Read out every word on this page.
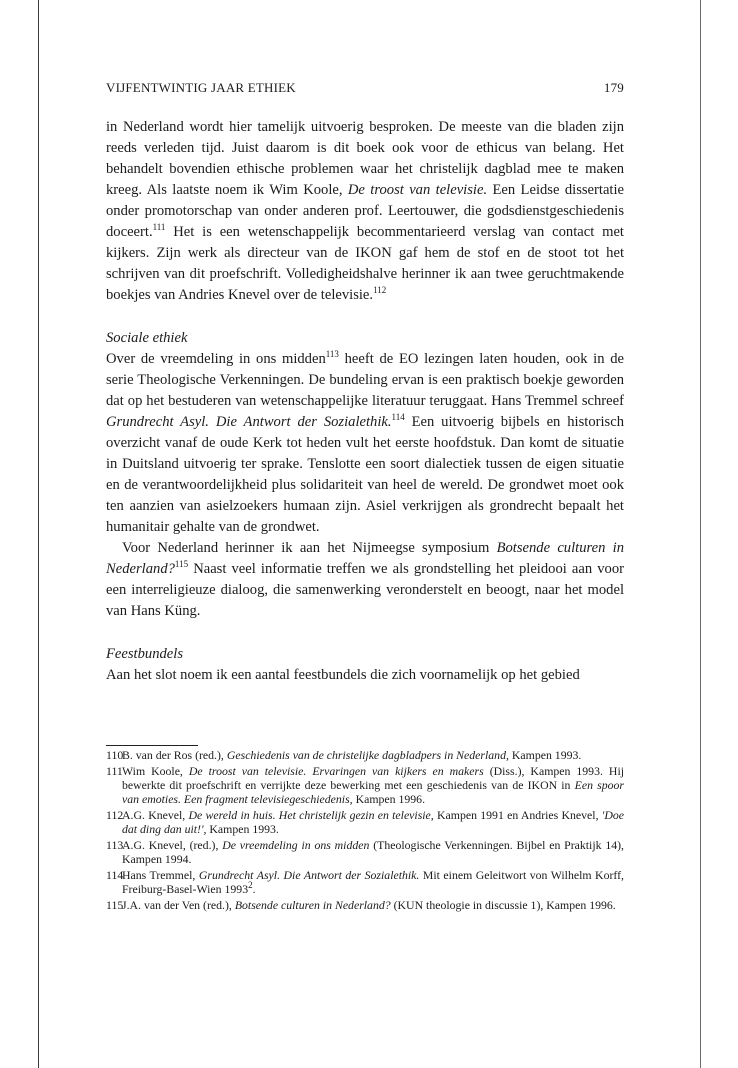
VIJFENTWINTIG JAAR ETHIEK	179

in Nederland wordt hier tamelijk uitvoerig besproken. De meeste van die bladen zijn reeds verleden tijd. Juist daarom is dit boek ook voor de ethicus van belang. Het behandelt bovendien ethische problemen waar het christelijk dagblad mee te maken kreeg. Als laatste noem ik Wim Koole, De troost van televisie. Een Leidse dissertatie onder promotorschap van onder anderen prof. Leertouwer, die godsdienstgeschiedenis doceert.$^{111}$ Het is een wetenschappelijk becommentarieerd verslag van contact met kijkers. Zijn werk als directeur van de IKON gaf hem de stof en de stoot tot het schrijven van dit proefschrift. Volledigheidshalve herinner ik aan twee geruchtmakende boekjes van Andries Knevel over de televisie.$^{112}$

Sociale ethiek

Over de vreemdeling in ons midden$^{113}$ heeft de EO lezingen laten houden, ook in de serie Theologische Verkenningen. De bundeling ervan is een praktisch boekje geworden dat op het bestuderen van wetenschappelijke literatuur teruggaat. Hans Tremmel schreef Grundrecht Asyl. Die Antwort der Sozialethik.$^{114}$ Een uitvoerig bijbels en historisch overzicht vanaf de oude Kerk tot heden vult het eerste hoofdstuk. Dan komt de situatie in Duitsland uitvoerig ter sprake. Tenslotte een soort dialectiek tussen de eigen situatie en de verantwoordelijkheid plus solidariteit van heel de wereld. De grondwet moet ook ten aanzien van asielzoekers humaan zijn. Asiel verkrijgen als grondrecht bepaalt het humanitair gehalte van de grondwet.

Voor Nederland herinner ik aan het Nijmeegse symposium Botsende culturen in Nederland?$^{115}$ Naast veel informatie treffen we als grondstelling het pleidooi aan voor een interreligieuze dialoog, die samenwerking veronderstelt en beoogt, naar het model van Hans Küng.

Feestbundels

Aan het slot noem ik een aantal feestbundels die zich voornamelijk op het gebied

110
B. van der Ros (red.), Geschiedenis van de christelijke dagbladpers in Nederland, Kampen 1993.

111 Wim Koole, De troost van televisie. Ervaringen van kijkers en makers (Diss.), Kampen 1993. Hij bewerkte dit proefschrift en verrijkte deze bewerking met een geschiedenis van de IKON in Een spoor van emoties. Een fragment televisiegeschiedenis, Kampen 1996.

112
A.G. Knevel, De wereld in huis. Het christelijk gezin en televisie, Kampen 1991 en Andries Knevel, 'Doe dat ding dan uit!', Kampen 1993.

113
A.G. Knevel, (red.), De vreemdeling in ons midden (Theologische Verkenningen. Bijbel en Praktijk 14), Kampen 1994.

114
Hans Tremmel, Grundrecht Asyl. Die Antwort der Sozialethik. Mit einem Geleitwort von Wilhelm Korff, Freiburg-Basel-Wien 1993$^2$.

115
J.A. van der Ven (red.), Botsende culturen in Nederland? (KUN theologie in discussie 1), Kampen 1996.
